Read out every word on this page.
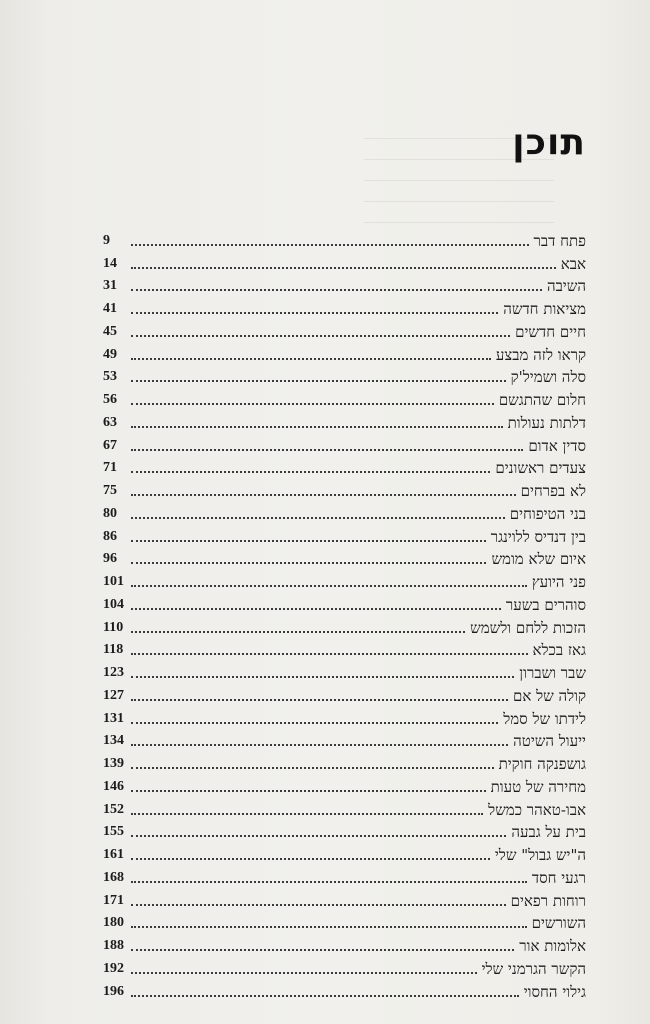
תוכן
פתח דבר
9
אבא
14
השיבה
31
מציאות חדשה
41
חיים חדשים
45
קראו לזה מבצע
49
סלה ושמיל'ק
53
חלום שהתגשם
56
דלתות נעולות
63
סדין אדום
67
צעדים ראשונים
71
לא בפרחים
75
בני הטיפוחים
80
בין דנדיס ללוינגר
86
איום שלא מומש
96
פני היועץ
101
סוהרים בשער
104
הזכות ללחם ולשמש
110
גאז בכלא
118
שבר ושברון
123
קולה של אם
127
לידתו של סמל
131
ייעול השיטה
134
גושפנקה חוקית
139
מחירה של טעות
146
אבו-טאהר כמשל
152
בית על גבעה
155
ה"יש גבול" שלי
161
רגעי חסד
168
רוחות רפאים
171
השורשים
180
אלומות אור
188
הקשר הגרמני שלי
192
גילוי החסוי
196
